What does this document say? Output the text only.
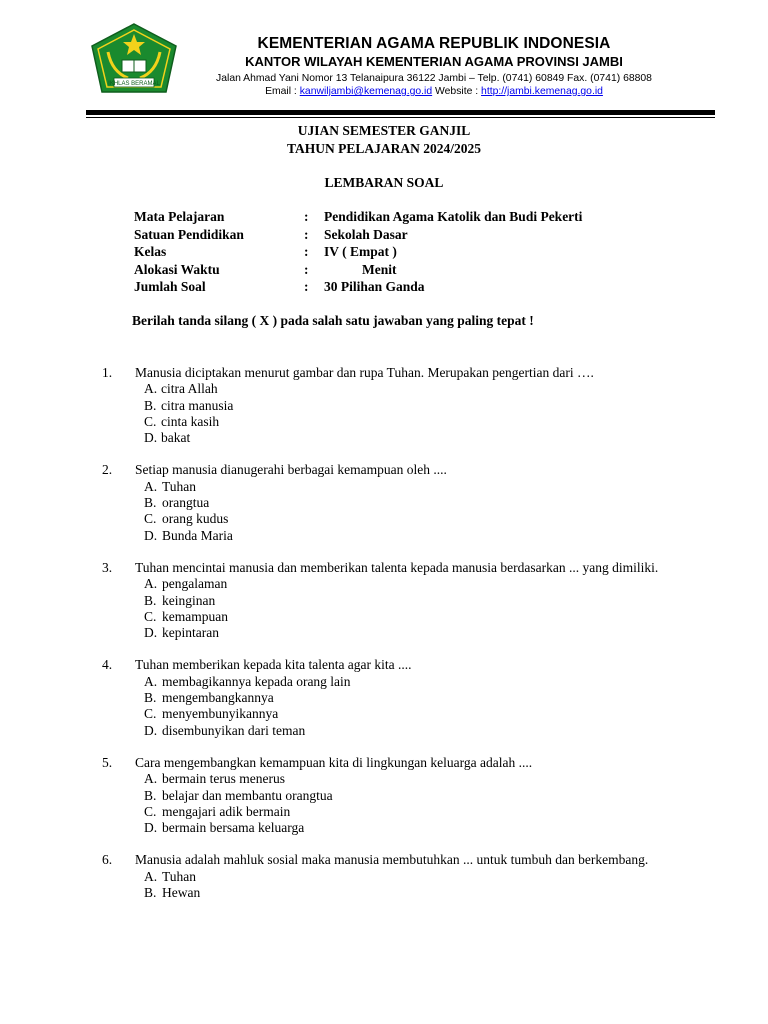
IKHLAS BERAMAL
KEMENTERIAN AGAMA REPUBLIK INDONESIA
KANTOR WILAYAH KEMENTERIAN AGAMA PROVINSI JAMBI
Jalan Ahmad Yani Nomor 13 Telanaipura 36122 Jambi – Telp. (0741) 60849 Fax. (0741) 68808
Email : kanwiljambi@kemenag.go.id Website : http://jambi.kemenag.go.id
UJIAN SEMESTER GANJIL
TAHUN PELAJARAN 2024/2025
LEMBARAN SOAL
Mata Pelajaran	: Pendidikan Agama Katolik dan Budi Pekerti
Satuan Pendidikan	: Sekolah Dasar
Kelas	: IV ( Empat )
Alokasi Waktu	:	Menit
Jumlah Soal	: 30 Pilihan Ganda
Berilah tanda silang ( X ) pada salah satu jawaban yang paling tepat !
1. Manusia diciptakan menurut gambar dan rupa Tuhan. Merupakan pengertian dari ….
A. citra Allah
B. citra manusia
C. cinta kasih
D. bakat
2. Setiap manusia dianugerahi berbagai kemampuan oleh ....
A. Tuhan
B. orangtua
C. orang kudus
D. Bunda Maria
3. Tuhan mencintai manusia dan memberikan talenta kepada manusia berdasarkan ... yang dimiliki.
A. pengalaman
B. keinginan
C. kemampuan
D. kepintaran
4. Tuhan memberikan kepada kita talenta agar kita ....
A. membagikannya kepada orang lain
B. mengembangkannya
C. menyembunyikannya
D. disembunyikan dari teman
5. Cara mengembangkan kemampuan kita di lingkungan keluarga adalah ....
A. bermain terus menerus
B. belajar dan membantu orangtua
C. mengajari adik bermain
D. bermain bersama keluarga
6. Manusia adalah mahluk sosial maka manusia membutuhkan ... untuk tumbuh dan berkembang.
A. Tuhan
B. Hewan
